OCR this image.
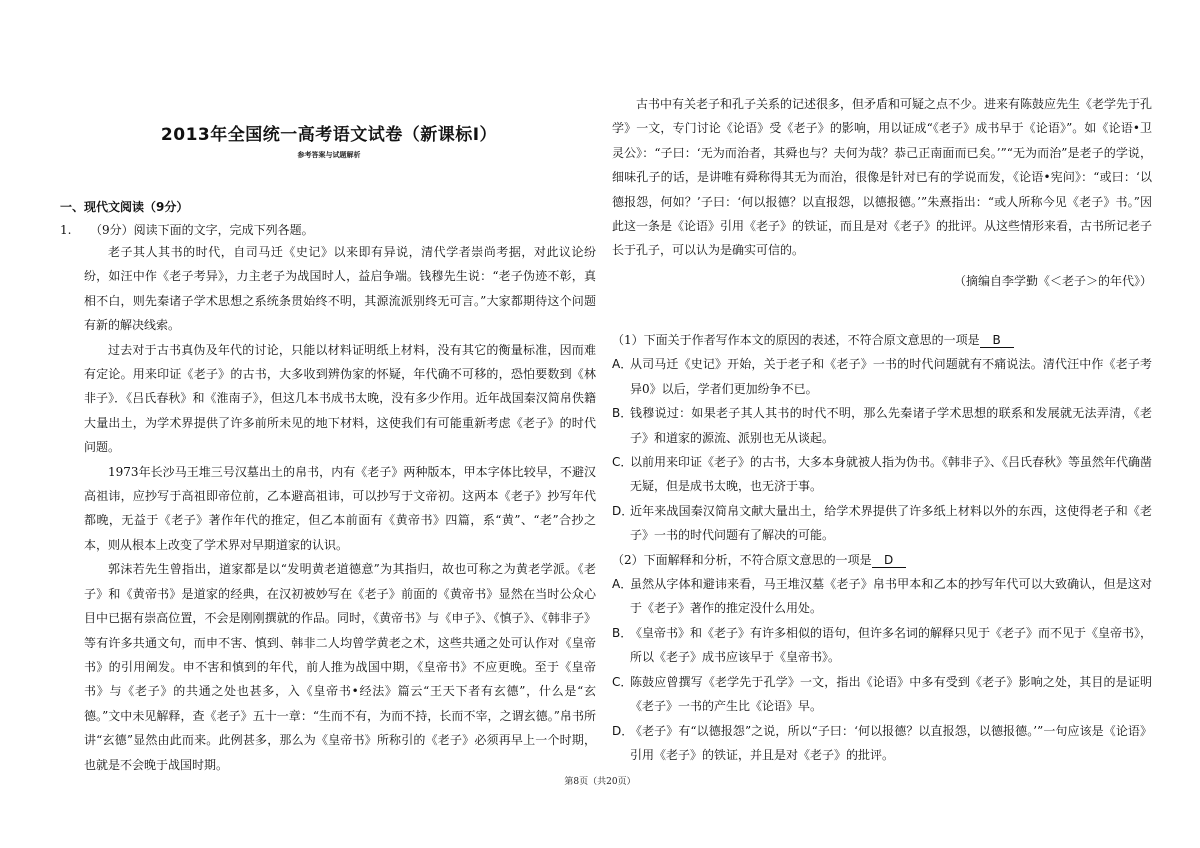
2013年全国统一高考语文试卷（新课标Ⅰ）
参考答案与试题解析
一、现代文阅读（9分）
1. （9分）阅读下面的文字，完成下列各题。

老子其人其书的时代，自司马迁《史记》以来即有异说，清代学者崇尚考据，对此议论纷纷，如汪中作《老子考异》，力主老子为战国时人，益启争端。钱穆先生说：“老子伪迹不彰，真相不白，则先秦诸子学术思想之系统条贯始终不明，其源流派别终无可言。”大家都期待这个问题有新的解决线索。

过去对于古书真伪及年代的讨论，只能以材料证明纸上材料，没有其它的衡量标准，因而难有定论。用来印证《老子》的古书，大多收到辨伪家的怀疑，年代确不可移的，恐怕要数到《林非子》．《吕氏春秋》和《淮南子》，但这几本书成书太晚，没有多少作用。近年战国秦汉简帛佚籍大量出土，为学术界提供了许多前所未见的地下材料，这使我们有可能重新考虑《老子》的时代问题。

1973年长沙马王堆三号汉墓出土的帛书，内有《老子》两种版本，甲本字体比较早，不避汉高祖讳，应抄写于高祖即帝位前，乙本避高祖讳，可以抄写于文帝初。这两本《老子》抄写年代都晚，无益于《老子》著作年代的推定，但乙本前面有《黄帝书》四篇，系“黄”、“老”合抄之本，则从根本上改变了学术界对早期道家的认识。

郭沫若先生曾指出，道家都是以“发明黄老道德意”为其指归，故也可称之为黄老学派。《老子》和《黄帝书》是道家的经典，在汉初被妙写在《老子》前面的《黄帝书》显然在当时公众心目中已据有崇高位置，不会是刚刚撰就的作品。同时，《黄帝书》与《申子》、《慎子》、《韩非子》等有许多共通文句，而申不害、慎到、韩非二人均曾学黄老之术，这些共通之处可认作对《皇帝书》的引用阐发。申不害和慎到的年代，前人推为战国中期，《皇帝书》不应更晚。至于《皇帝书》与《老子》的共通之处也甚多，入《皇帝书•经法》篇云“王天下者有玄德”，什么是“玄德。”文中未见解释，查《老子》五十一章：“生而不有，为而不持，长而不宰，之谓玄德。”帛书所讲“玄德”显然由此而来。此例甚多，那么为《皇帝书》所称引的《老子》必须再早上一个时期，也就是不会晚于战国时期。

古书中有关老子和孔子关系的记述很多，但矛盾和可疑之点不少。进来有陈鼓应先生《老学先于孔学》一文，专门讨论《论语》受《老子》的影响，用以证成“《老子》成书早于《论语》”。如《论语•卫灵公》：“子曰：‘无为而治者，其舜也与？夫何为哉？恭己正南面而已矣。’”“无为而治”是老子的学说，细味孔子的话，是讲唯有舜称得其无为而治，很像是针对已有的学说而发，《论语•宪问》：“或曰：‘以德报怨，何如？’子曰：‘何以报德？以直报怨，以德报德。’”朱熹指出：“或人所称今见《老子》书。”因此这一条是《论语》引用《老子》的铁证，而且是对《老子》的批评。从这些情形来看，古书所记老子长于孔子，可以认为是确实可信的。

（摘编自李学勤《＜老子＞的年代》）

（1）下面关于作者写作本文的原因的表述，不符合原文意思的一项是 B

A．
从司马迁《史记》开始，关于老子和《老子》一书的时代问题就有不痛说法。清代汪中作《老子考异0》以后，学者们更加纷争不已。
B．
钱穆说过：如果老子其人其书的时代不明，那么先秦诸子学术思想的联系和发展就无法弄清，《老子》和道家的源流、派别也无从谈起。
C．
以前用来印证《老子》的古书，大多本身就被人指为伪书。《韩非子》、《吕氏春秋》等虽然年代确凿无疑，但是成书太晚，也无济于事。
D．
近年来战国秦汉简帛文献大量出土，给学术界提供了许多纸上材料以外的东西，这使得老子和《老子》一书的时代问题有了解决的可能。

（2）下面解释和分析，不符合原文意思的一项是 D

A．
虽然从字体和避讳来看，马王堆汉墓《老子》帛书甲本和乙本的抄写年代可以大致确认，但是这对于《老子》著作的推定没什么用处。
B．
《皇帝书》和《老子》有许多相似的语句，但许多名词的解释只见于《老子》而不见于《皇帝书》，所以《老子》成书应该早于《皇帝书》。
C．
陈鼓应曾撰写《老学先于孔学》一文，指出《论语》中多有受到《老子》影响之处，其目的是证明《老子》一书的产生比《论语》早。
D．
《老子》有“以德报怨”之说，所以“子曰：‘何以报德？以直报怨，以德报德。’”一句应该是《论语》引用《老子》的铁证，并且是对《老子》的批评。
第8页（共20页）
